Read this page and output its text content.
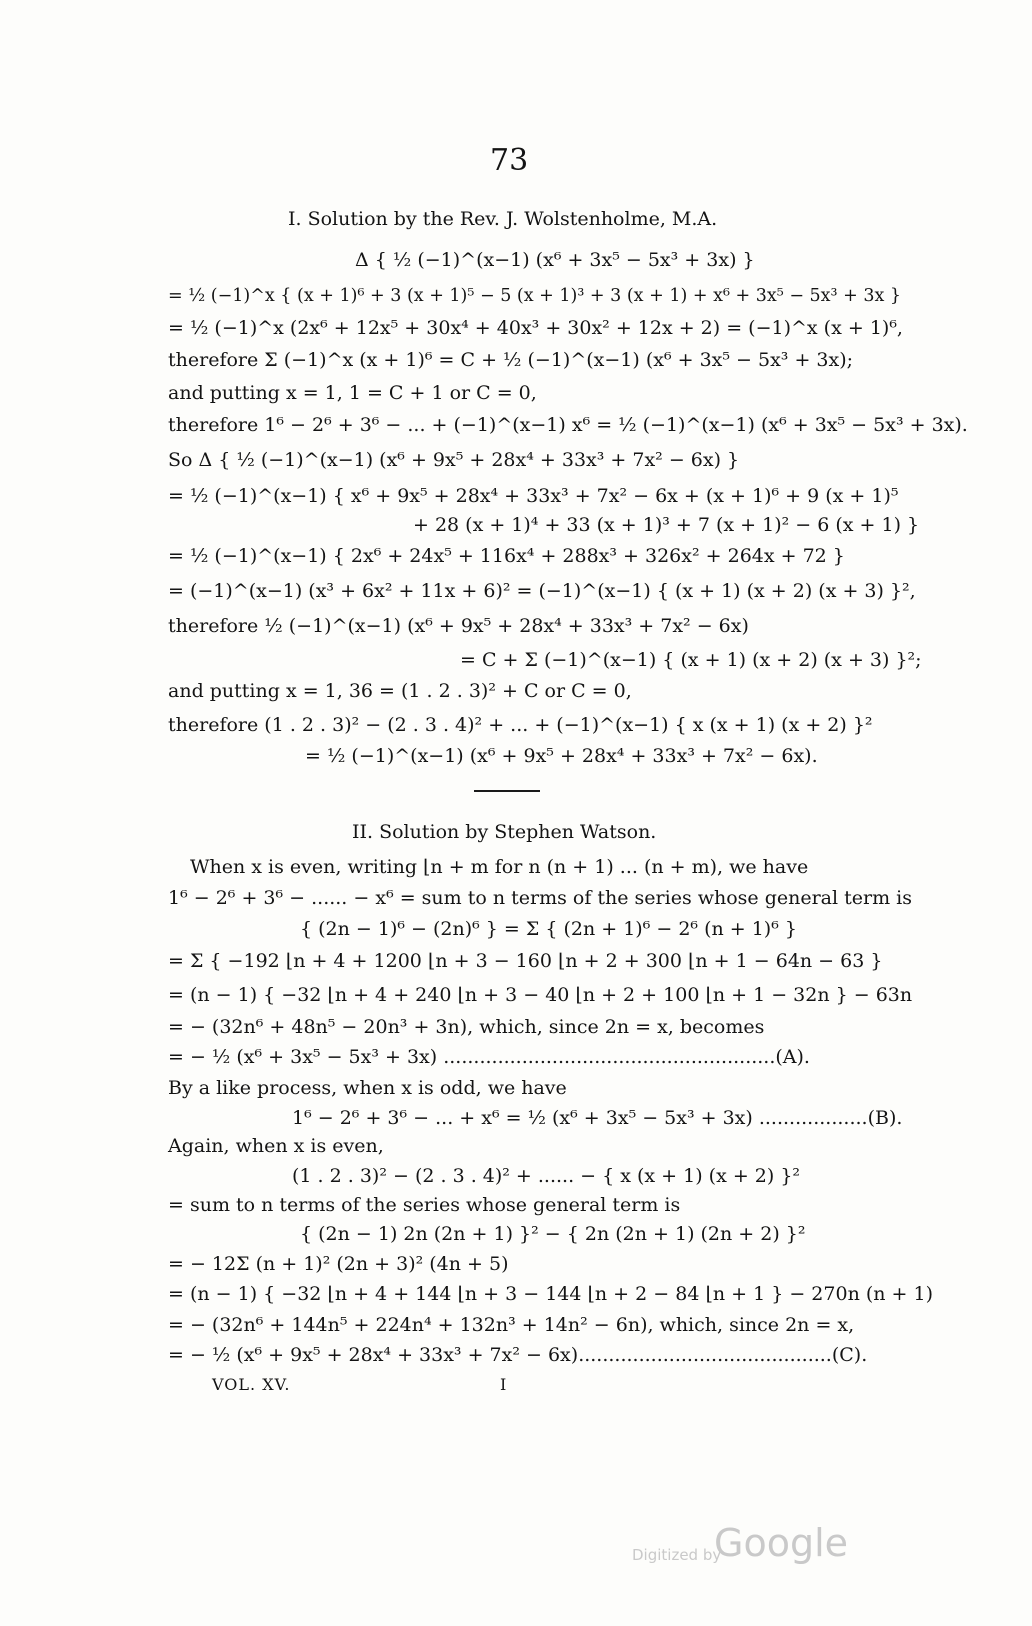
73
I. Solution by the Rev. J. Wolstenholme, M.A.
Δ { ½ (−1)^(x−1) (x⁶ + 3x⁵ − 5x³ + 3x) }
= ½ (−1)^x { (x + 1)⁶ + 3 (x + 1)⁵ − 5 (x + 1)³ + 3 (x + 1) + x⁶ + 3x⁵ − 5x³ + 3x }
= ½ (−1)^x (2x⁶ + 12x⁵ + 30x⁴ + 40x³ + 30x² + 12x + 2) = (−1)^x (x + 1)⁶,
therefore Σ (−1)^x (x + 1)⁶ = C + ½ (−1)^(x−1) (x⁶ + 3x⁵ − 5x³ + 3x);
and putting x = 1, 1 = C + 1 or C = 0,
therefore 1⁶ − 2⁶ + 3⁶ − ... + (−1)^(x−1) x⁶ = ½ (−1)^(x−1) (x⁶ + 3x⁵ − 5x³ + 3x).
So Δ { ½ (−1)^(x−1) (x⁶ + 9x⁵ + 28x⁴ + 33x³ + 7x² − 6x) }
= ½ (−1)^(x−1) { x⁶ + 9x⁵ + 28x⁴ + 33x³ + 7x² − 6x + (x + 1)⁶ + 9 (x + 1)⁵
+ 28 (x + 1)⁴ + 33 (x + 1)³ + 7 (x + 1)² − 6 (x + 1) }
= ½ (−1)^(x−1) { 2x⁶ + 24x⁵ + 116x⁴ + 288x³ + 326x² + 264x + 72 }
= (−1)^(x−1) (x³ + 6x² + 11x + 6)² = (−1)^(x−1) { (x + 1) (x + 2) (x + 3) }²,
therefore ½ (−1)^(x−1) (x⁶ + 9x⁵ + 28x⁴ + 33x³ + 7x² − 6x)
= C + Σ (−1)^(x−1) { (x + 1) (x + 2) (x + 3) }²;
and putting x = 1, 36 = (1 . 2 . 3)² + C or C = 0,
therefore (1 . 2 . 3)² − (2 . 3 . 4)² + ... + (−1)^(x−1) { x (x + 1) (x + 2) }²
= ½ (−1)^(x−1) (x⁶ + 9x⁵ + 28x⁴ + 33x³ + 7x² − 6x).
II. Solution by Stephen Watson.
When x is even, writing ⌊n + m for n (n + 1) ... (n + m), we have
1⁶ − 2⁶ + 3⁶ − ...... − x⁶ = sum to n terms of the series whose general term is
{ (2n − 1)⁶ − (2n)⁶ } = Σ { (2n + 1)⁶ − 2⁶ (n + 1)⁶ }
= Σ { −192 ⌊n + 4 + 1200 ⌊n + 3 − 160 ⌊n + 2 + 300 ⌊n + 1 − 64n − 63 }
= (n − 1) { −32 ⌊n + 4 + 240 ⌊n + 3 − 40 ⌊n + 2 + 100 ⌊n + 1 − 32n } − 63n
= − (32n⁶ + 48n⁵ − 20n³ + 3n), which, since 2n = x, becomes
= − ½ (x⁶ + 3x⁵ − 5x³ + 3x) .......................................................(A).
By a like process, when x is odd, we have
1⁶ − 2⁶ + 3⁶ − ... + x⁶ = ½ (x⁶ + 3x⁵ − 5x³ + 3x) ..................(B).
Again, when x is even,
(1 . 2 . 3)² − (2 . 3 . 4)² + ...... − { x (x + 1) (x + 2) }²
= sum to n terms of the series whose general term is
{ (2n − 1) 2n (2n + 1) }² − { 2n (2n + 1) (2n + 2) }²
= − 12Σ (n + 1)² (2n + 3)² (4n + 5)
= (n − 1) { −32 ⌊n + 4 + 144 ⌊n + 3 − 144 ⌊n + 2 − 84 ⌊n + 1 } − 270n (n + 1)
= − (32n⁶ + 144n⁵ + 224n⁴ + 132n³ + 14n² − 6n), which, since 2n = x,
= − ½ (x⁶ + 9x⁵ + 28x⁴ + 33x³ + 7x² − 6x)..........................................(C).
VOL. XV.	I
Digitized by
Google
